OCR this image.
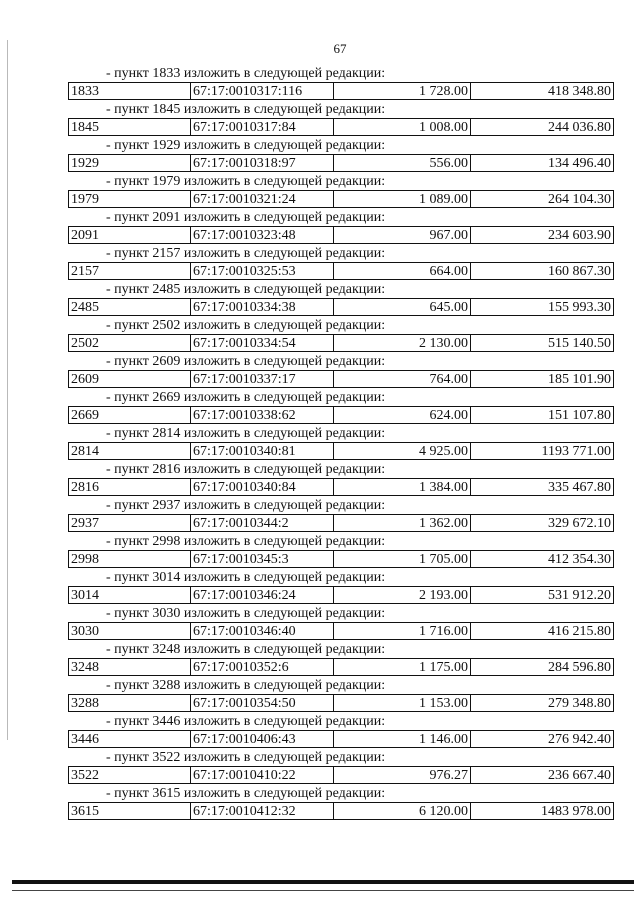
67
- пункт 1833 изложить в следующей редакции:
1833	67:17:0010317:116	1 728.00	418 348.80
- пункт 1845 изложить в следующей редакции:
1845	67:17:0010317:84	1 008.00	244 036.80
- пункт 1929 изложить в следующей редакции:
1929	67:17:0010318:97	556.00	134 496.40
- пункт 1979 изложить в следующей редакции:
1979	67:17:0010321:24	1 089.00	264 104.30
- пункт 2091 изложить в следующей редакции:
2091	67:17:0010323:48	967.00	234 603.90
- пункт 2157 изложить в следующей редакции:
2157	67:17:0010325:53	664.00	160 867.30
- пункт 2485 изложить в следующей редакции:
2485	67:17:0010334:38	645.00	155 993.30
- пункт 2502 изложить в следующей редакции:
2502	67:17:0010334:54	2 130.00	515 140.50
- пункт 2609 изложить в следующей редакции:
2609	67:17:0010337:17	764.00	185 101.90
- пункт 2669 изложить в следующей редакции:
2669	67:17:0010338:62	624.00	151 107.80
- пункт 2814 изложить в следующей редакции:
2814	67:17:0010340:81	4 925.00	1193 771.00
- пункт 2816 изложить в следующей редакции:
2816	67:17:0010340:84	1 384.00	335 467.80
- пункт 2937 изложить в следующей редакции:
2937	67:17:0010344:2	1 362.00	329 672.10
- пункт 2998 изложить в следующей редакции:
2998	67:17:0010345:3	1 705.00	412 354.30
- пункт 3014 изложить в следующей редакции:
3014	67:17:0010346:24	2 193.00	531 912.20
- пункт 3030 изложить в следующей редакции:
3030	67:17:0010346:40	1 716.00	416 215.80
- пункт 3248 изложить в следующей редакции:
3248	67:17:0010352:6	1 175.00	284 596.80
- пункт 3288 изложить в следующей редакции:
3288	67:17:0010354:50	1 153.00	279 348.80
- пункт 3446 изложить в следующей редакции:
3446	67:17:0010406:43	1 146.00	276 942.40
- пункт 3522 изложить в следующей редакции:
3522	67:17:0010410:22	976.27	236 667.40
- пункт 3615 изложить в следующей редакции:
3615	67:17:0010412:32	6 120.00	1483 978.00
